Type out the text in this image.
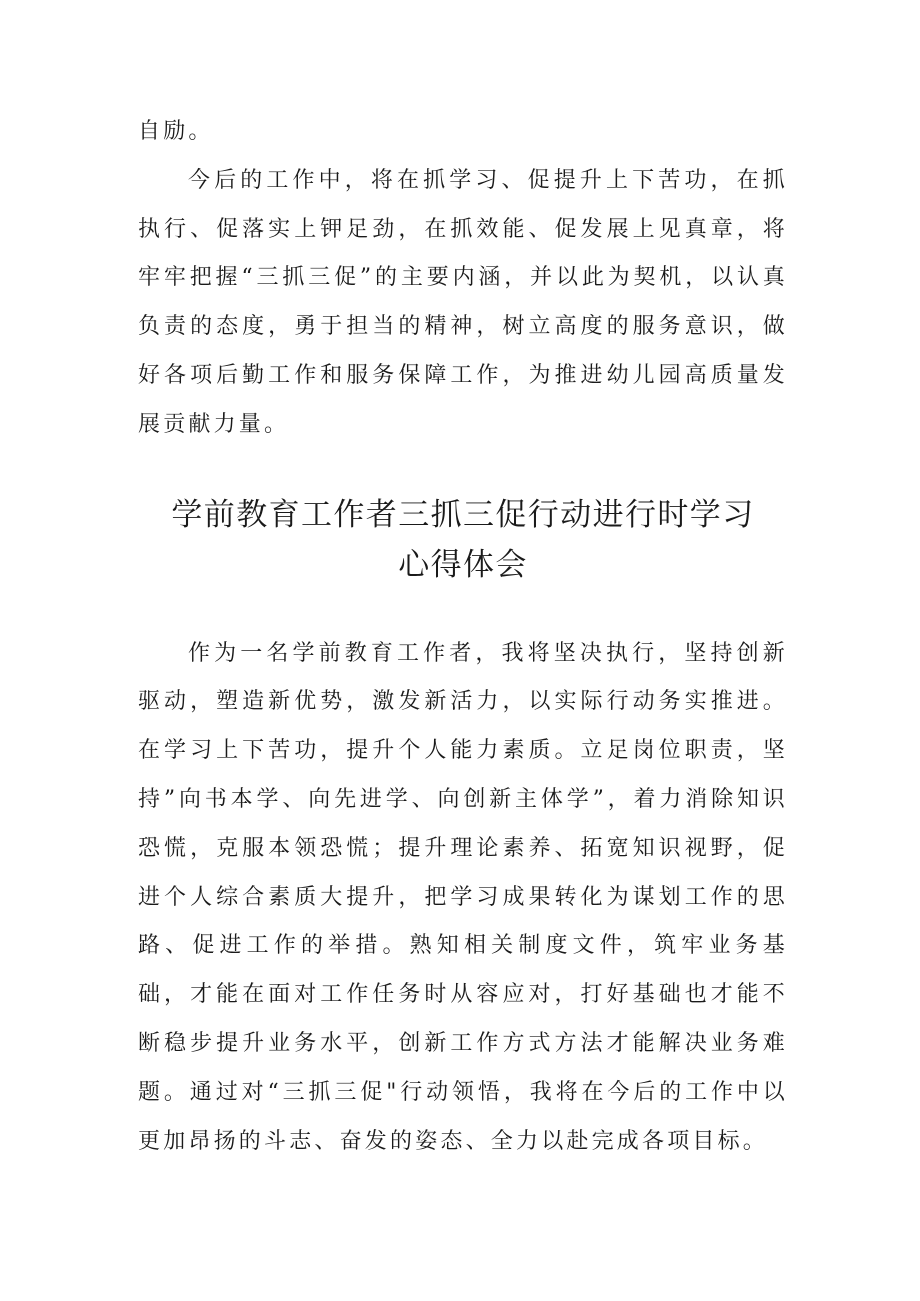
自励。

今后的工作中，将在抓学习、促提升上下苦功，在抓执行、促落实上钾足劲，在抓效能、促发展上见真章，将牢牢把握“三抓三促”的主要内涵，并以此为契机，以认真负责的态度，勇于担当的精神，树立高度的服务意识，做好各项后勤工作和服务保障工作，为推进幼儿园高质量发展贡献力量。

学前教育工作者三抓三促行动进行时学习
心得体会

作为一名学前教育工作者，我将坚决执行，坚持创新驱动，塑造新优势，激发新活力，以实际行动务实推进。在学习上下苦功，提升个人能力素质。立足岗位职责，坚持”向书本学、向先进学、向创新主体学”，着力消除知识恐慌，克服本领恐慌；提升理论素养、拓宽知识视野，促进个人综合素质大提升，把学习成果转化为谋划工作的思路、促进工作的举措。熟知相关制度文件，筑牢业务基础，才能在面对工作任务时从容应对，打好基础也才能不断稳步提升业务水平，创新工作方式方法才能解决业务难题。通过对“三抓三促"行动领悟，我将在今后的工作中以更加昂扬的斗志、奋发的姿态、全力以赴完成各项目标。
